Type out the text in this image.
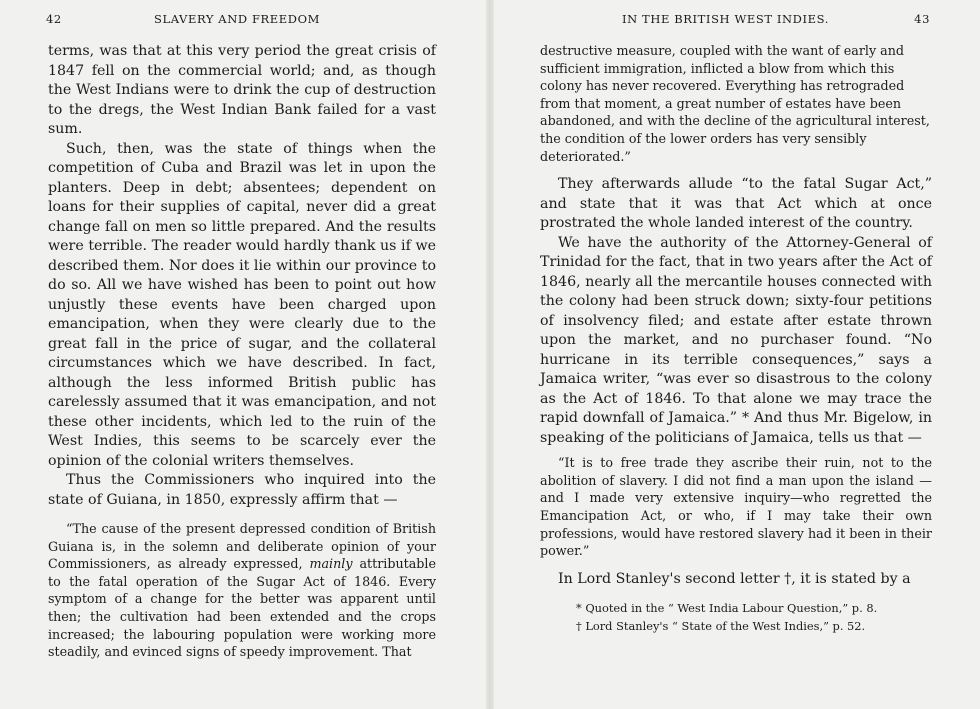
42	SLAVERY AND FREEDOM

terms, was that at this very period the great crisis of 1847 fell on the commercial world; and, as though the West Indians were to drink the cup of destruction to the dregs, the West Indian Bank failed for a vast sum.

Such, then, was the state of things when the competition of Cuba and Brazil was let in upon the planters. Deep in debt; absentees; dependent on loans for their supplies of capital, never did a great change fall on men so little prepared. And the results were terrible. The reader would hardly thank us if we described them. Nor does it lie within our province to do so. All we have wished has been to point out how unjustly these events have been charged upon emancipation, when they were clearly due to the great fall in the price of sugar, and the collateral circumstances which we have described. In fact, although the less informed British public has carelessly assumed that it was emancipation, and not these other incidents, which led to the ruin of the West Indies, this seems to be scarcely ever the opinion of the colonial writers themselves.

Thus the Commissioners who inquired into the state of Guiana, in 1850, expressly affirm that —

“The cause of the present depressed condition of British Guiana is, in the solemn and deliberate opinion of your Commissioners, as already expressed, mainly attributable to the fatal operation of the Sugar Act of 1846. Every symptom of a change for the better was apparent until then; the cultivation had been extended and the crops increased; the labouring population were working more steadily, and evinced signs of speedy improvement. That

IN THE BRITISH WEST INDIES.	43

destructive measure, coupled with the want of early and sufficient immigration, inflicted a blow from which this colony has never recovered. Everything has retrograded from that moment, a great number of estates have been abandoned, and with the decline of the agricultural interest, the condition of the lower orders has very sensibly deteriorated.”

They afterwards allude “to the fatal Sugar Act,” and state that it was that Act which at once prostrated the whole landed interest of the country.

We have the authority of the Attorney-General of Trinidad for the fact, that in two years after the Act of 1846, nearly all the mercantile houses connected with the colony had been struck down; sixty-four petitions of insolvency filed; and estate after estate thrown upon the market, and no purchaser found. “No hurricane in its terrible consequences,” says a Jamaica writer, “was ever so disastrous to the colony as the Act of 1846. To that alone we may trace the rapid downfall of Jamaica.” * And thus Mr. Bigelow, in speaking of the politicians of Jamaica, tells us that —

“It is to free trade they ascribe their ruin, not to the abolition of slavery. I did not find a man upon the island —and I made very extensive inquiry—who regretted the Emancipation Act, or who, if I may take their own professions, would have restored slavery had it been in their power.”

In Lord Stanley's second letter †, it is stated by a

* Quoted in the “ West India Labour Question,” p. 8.

† Lord Stanley's “ State of the West Indies,” p. 52.
